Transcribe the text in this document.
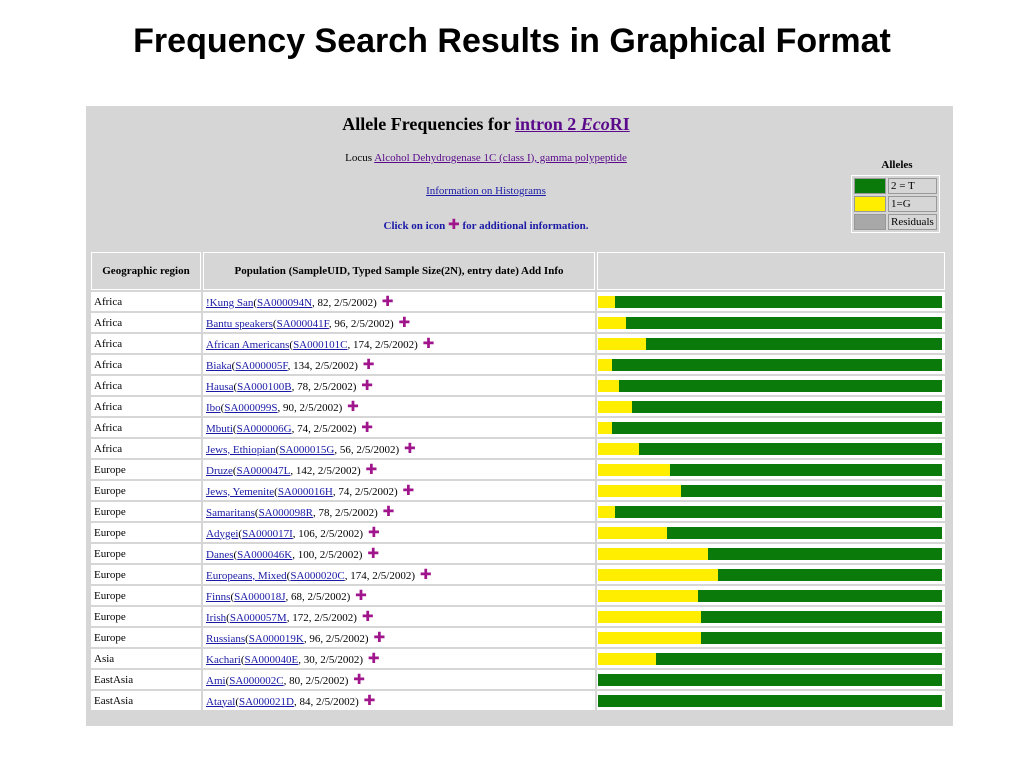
Frequency Search Results in Graphical Format
Allele Frequencies for intron 2 EcoRI
Locus Alcohol Dehydrogenase 1C (class I), gamma polypeptide
Information on Histograms
Click on icon ✚ for additional information.
Alleles
	2 = T
	1=G
	Residuals
Geographic region	Population (SampleUID, Typed Sample Size(2N), entry date) Add Info	
Africa	!Kung San(SA000094N, 82, 2/5/2002) ✚	

Africa	Bantu speakers(SA000041F, 96, 2/5/2002) ✚	

Africa	African Americans(SA000101C, 174, 2/5/2002) ✚	

Africa	Biaka(SA000005F, 134, 2/5/2002) ✚	

Africa	Hausa(SA000100B, 78, 2/5/2002) ✚	

Africa	Ibo(SA000099S, 90, 2/5/2002) ✚	

Africa	Mbuti(SA000006G, 74, 2/5/2002) ✚	

Africa	Jews, Ethiopian(SA000015G, 56, 2/5/2002) ✚	

Europe	Druze(SA000047L, 142, 2/5/2002) ✚	

Europe	Jews, Yemenite(SA000016H, 74, 2/5/2002) ✚	

Europe	Samaritans(SA000098R, 78, 2/5/2002) ✚	

Europe	Adygei(SA000017I, 106, 2/5/2002) ✚	

Europe	Danes(SA000046K, 100, 2/5/2002) ✚	

Europe	Europeans, Mixed(SA000020C, 174, 2/5/2002) ✚	

Europe	Finns(SA000018J, 68, 2/5/2002) ✚	

Europe	Irish(SA000057M, 172, 2/5/2002) ✚	

Europe	Russians(SA000019K, 96, 2/5/2002) ✚	

Asia	Kachari(SA000040E, 30, 2/5/2002) ✚	

EastAsia	Ami(SA000002C, 80, 2/5/2002) ✚	

EastAsia	Atayal(SA000021D, 84, 2/5/2002) ✚	
